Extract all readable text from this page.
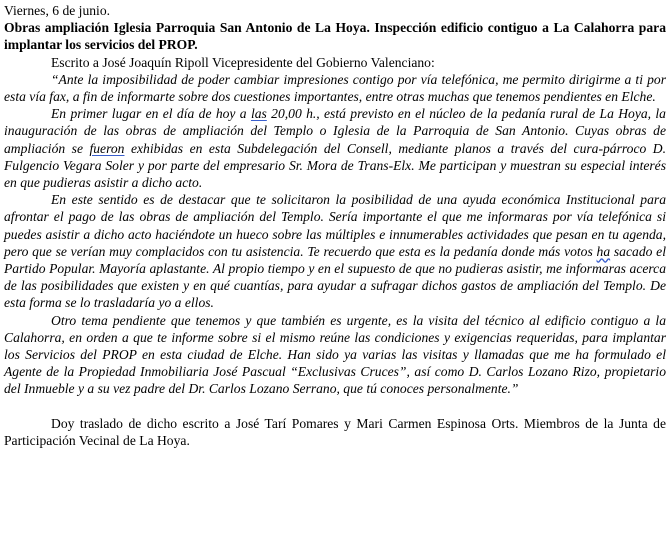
Viernes, 6 de junio.

Obras ampliación Iglesia Parroquia San Antonio de La Hoya. Inspección edificio contiguo a La Calahorra para implantar los servicios del PROP.

Escrito a José Joaquín Ripoll Vicepresidente del Gobierno Valenciano:

“Ante la imposibilidad de poder cambiar impresiones contigo por vía telefónica, me permito dirigirme a ti por esta vía fax, a fin de informarte sobre dos cuestiones importantes, entre otras muchas que tenemos pendientes en Elche.

En primer lugar en el día de hoy a las 20,00 h., está previsto en el núcleo de la pedanía rural de La Hoya, la inauguración de las obras de ampliación del Templo o Iglesia de la Parroquia de San Antonio. Cuyas obras de ampliación se fueron exhibidas en esta Subdelegación del Consell, mediante planos a través del cura-párroco D. Fulgencio Vegara Soler y por parte del empresario Sr. Mora de Trans-Elx. Me participan y muestran su especial interés en que pudieras asistir a dicho acto.

En este sentido es de destacar que te solicitaron la posibilidad de una ayuda económica Institucional para afrontar el pago de las obras de ampliación del Templo. Sería importante el que me informaras por vía telefónica si puedes asistir a dicho acto haciéndote un hueco sobre las múltiples e innumerables actividades que pesan en tu agenda, pero que se verían muy complacidos con tu asistencia. Te recuerdo que esta es la pedanía donde más votos ha sacado el Partido Popular. Mayoría aplastante. Al propio tiempo y en el supuesto de que no pudieras asistir, me informaras acerca de las posibilidades que existen y en qué cuantías, para ayudar a sufragar dichos gastos de ampliación del Templo. De esta forma se lo trasladaría yo a ellos.

Otro tema pendiente que tenemos y que también es urgente, es la visita del técnico al edificio contiguo a la Calahorra, en orden a que te informe sobre si el mismo reúne las condiciones y exigencias requeridas, para implantar los Servicios del PROP en esta ciudad de Elche. Han sido ya varias las visitas y llamadas que me ha formulado el Agente de la Propiedad Inmobiliaria José Pascual “Exclusivas Cruces”, así como D. Carlos Lozano Rizo, propietario del Inmueble y a su vez padre del Dr. Carlos Lozano Serrano, que tú conoces personalmente.”

Doy traslado de dicho escrito a José Tarí Pomares y Mari Carmen Espinosa Orts. Miembros de la Junta de Participación Vecinal de La Hoya.
